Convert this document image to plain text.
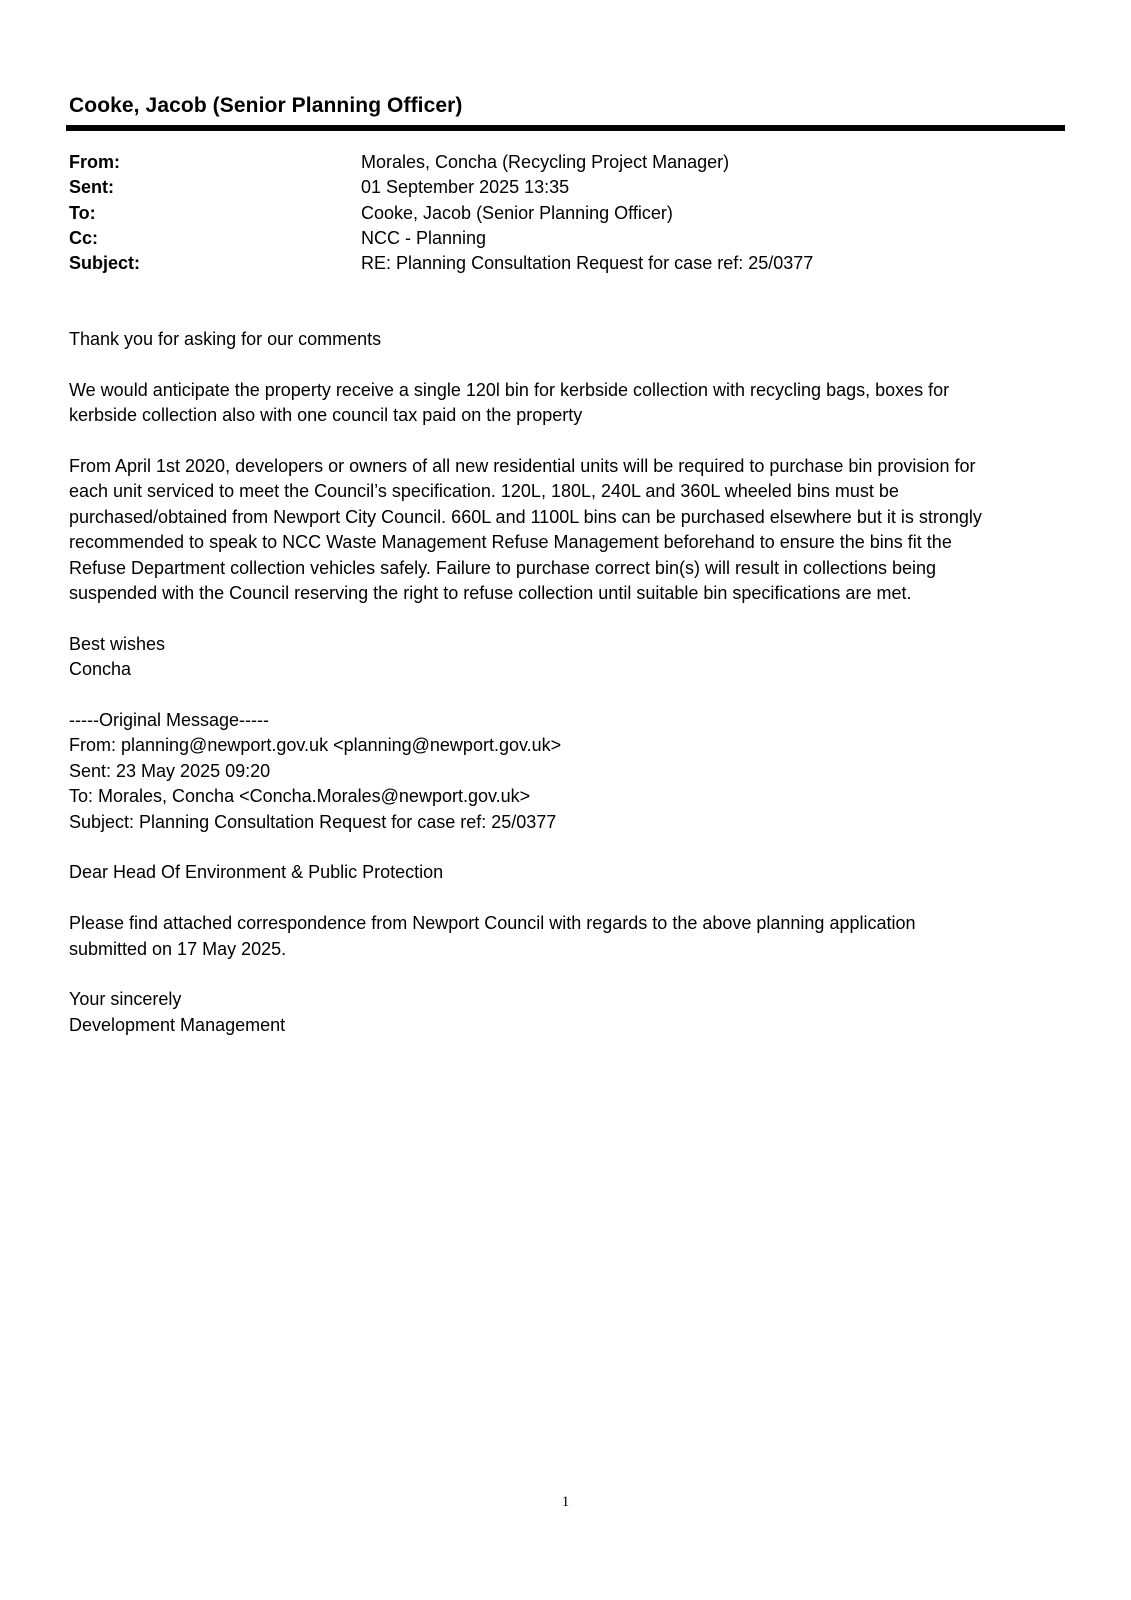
Cooke, Jacob (Senior Planning Officer)
From:	Morales, Concha (Recycling Project Manager)
Sent:	01 September 2025 13:35
To:	Cooke, Jacob (Senior Planning Officer)
Cc:	NCC - Planning
Subject:	RE: Planning Consultation Request for case ref: 25/0377

Thank you for asking for our comments

We would anticipate the property receive a single 120l bin for kerbside collection with recycling bags, boxes for
kerbside collection also with one council tax paid on the property

From April 1st 2020, developers or owners of all new residential units will be required to purchase bin provision for
each unit serviced to meet the Council’s specification. 120L, 180L, 240L and 360L wheeled bins must be
purchased/obtained from Newport City Council. 660L and 1100L bins can be purchased elsewhere but it is strongly
recommended to speak to NCC Waste Management Refuse Management beforehand to ensure the bins fit the
Refuse Department collection vehicles safely. Failure to purchase correct bin(s) will result in collections being
suspended with the Council reserving the right to refuse collection until suitable bin specifications are met.

Best wishes
Concha

-----Original Message-----
From: planning@newport.gov.uk <planning@newport.gov.uk>
Sent: 23 May 2025 09:20
To: Morales, Concha <Concha.Morales@newport.gov.uk>
Subject: Planning Consultation Request for case ref: 25/0377

Dear Head Of Environment & Public Protection

Please find attached correspondence from Newport Council with regards to the above planning application
submitted on 17 May 2025.

Your sincerely
Development Management

1
